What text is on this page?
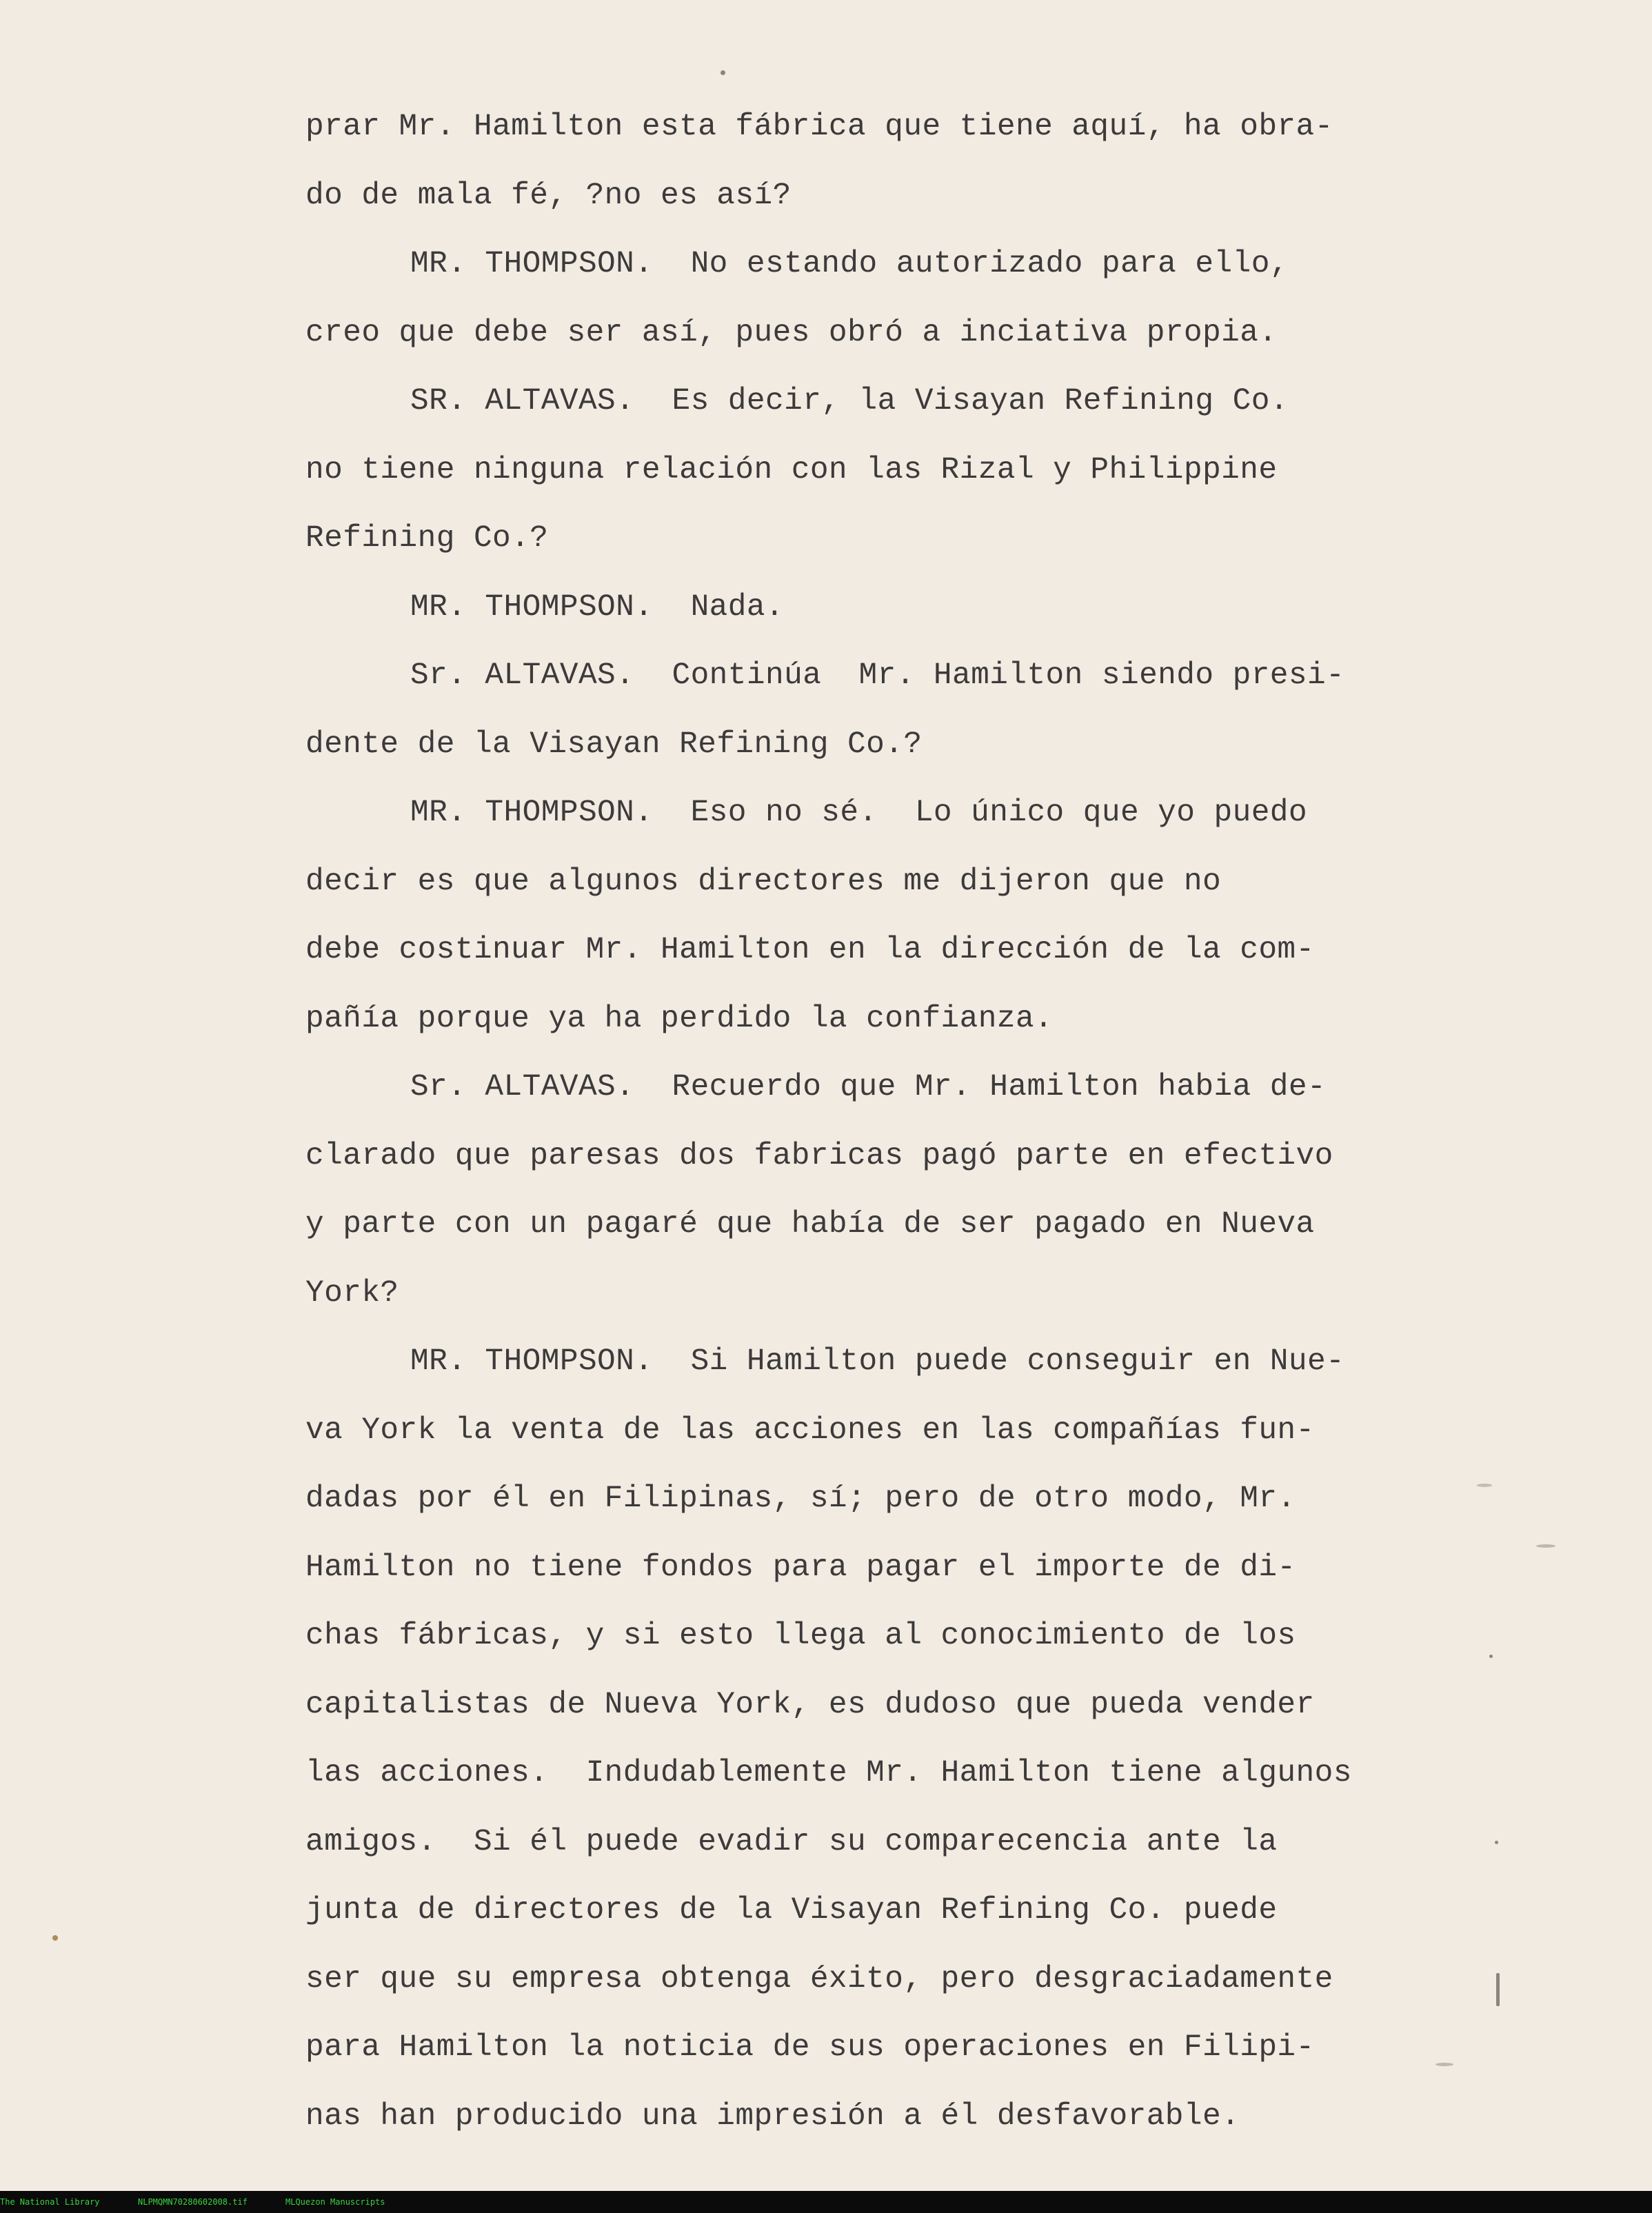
prar Mr. Hamilton esta fábrica que tiene aquí, ha obra-
do de mala fé, ?no es así?
MR. THOMPSON.  No estando autorizado para ello,
creo que debe ser así, pues obró a inciativa propia.
SR. ALTAVAS.  Es decir, la Visayan Refining Co.
no tiene ninguna relación con las Rizal y Philippine
Refining Co.?
MR. THOMPSON.  Nada.
Sr. ALTAVAS.  Continúa  Mr. Hamilton siendo presi-
dente de la Visayan Refining Co.?
MR. THOMPSON.  Eso no sé.  Lo único que yo puedo
decir es que algunos directores me dijeron que no
debe costinuar Mr. Hamilton en la dirección de la com-
pañía porque ya ha perdido la confianza.
Sr. ALTAVAS.  Recuerdo que Mr. Hamilton habia de-
clarado que paresas dos fabricas pagó parte en efectivo
y parte con un pagaré que había de ser pagado en Nueva
York?
MR. THOMPSON.  Si Hamilton puede conseguir en Nue-
va York la venta de las acciones en las compañías fun-
dadas por él en Filipinas, sí; pero de otro modo, Mr.
Hamilton no tiene fondos para pagar el importe de di-
chas fábricas, y si esto llega al conocimiento de los
capitalistas de Nueva York, es dudoso que pueda vender
las acciones.  Indudablemente Mr. Hamilton tiene algunos
amigos.  Si él puede evadir su comparecencia ante la
junta de directores de la Visayan Refining Co. puede
ser que su empresa obtenga éxito, pero desgraciadamente
para Hamilton la noticia de sus operaciones en Filipi-
nas han producido una impresión a él desfavorable.
The National Library	NLPMQMN70280602008.tif	MLQuezon Manuscripts
